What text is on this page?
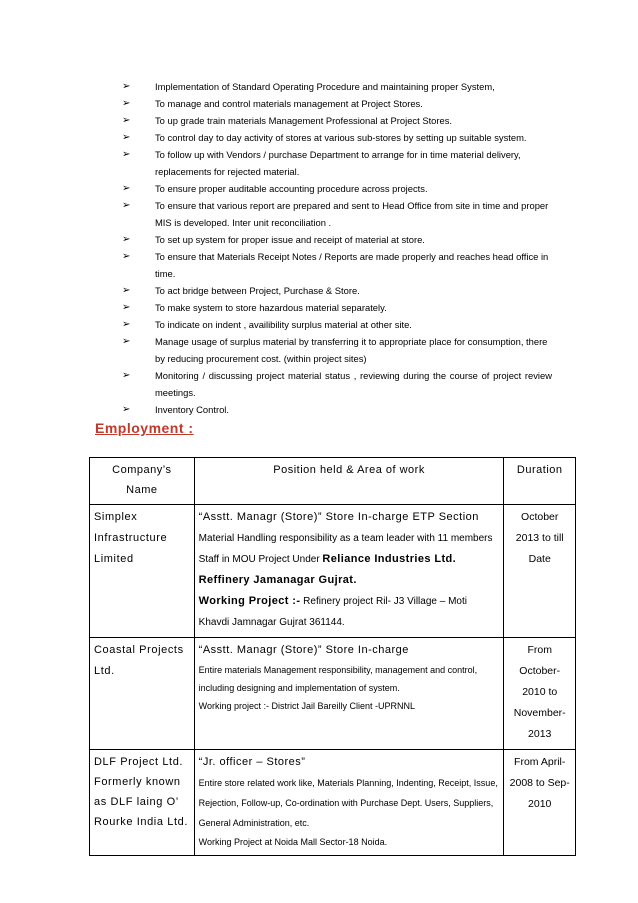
➢	Implementation of Standard Operating Procedure and maintaining proper System,
➢	To manage and control materials management at Project Stores.
➢	To up grade train materials Management Professional at Project Stores.
➢	To control day to day activity of stores at various sub-stores by setting up suitable system.
➢	To follow up with Vendors / purchase Department to arrange for in time material delivery, replacements for rejected material.
➢	To ensure proper auditable accounting procedure across projects.
➢	To ensure that various report are prepared and sent to Head Office from site in time and proper MIS is developed. Inter unit reconciliation .
➢	To set up system for proper issue and receipt of material at store.
➢	To ensure that Materials Receipt Notes / Reports are made properly and reaches head office in time.
➢	To act bridge between Project, Purchase & Store.
➢	To make system to store hazardous material separately.
➢	To indicate on indent , availibility surplus material at other site.
➢	Manage usage of surplus material by transferring it to appropriate place for consumption, there by reducing procurement cost. (within project sites)
➢	Monitoring / discussing project material status , reviewing during the course of project review meetings.
➢	Inventory Control.
Employment :
Company’s Name	Position held & Area of work	Duration
Simplex Infrastructure Limited	“Asstt. Managr (Store)” Store In-charge ETP Section
Material Handling responsibility as a team leader with 11 members Staff in MOU Project Under Reliance Industries Ltd. Reffinery Jamanagar Gujrat.
Working Project :- Refinery project Ril- J3 Village – Moti Khavdi Jamnagar Gujrat 361144.	October 2013 to till Date
Coastal Projects Ltd.	“Asstt. Managr (Store)” Store In-charge
Entire materials Management responsibility, management and control, including designing and implementation of system.
Working project :- District Jail Bareilly Client -UPRNNL	From October-2010 to November-2013
DLF Project Ltd. Formerly known as DLF laing O’ Rourke India Ltd.	“Jr. officer – Stores”
Entire store related work like, Materials Planning, Indenting, Receipt, Issue, Rejection, Follow-up, Co-ordination with Purchase Dept. Users, Suppliers, General Administration, etc.
Working Project at Noida Mall Sector-18 Noida.	From April-2008 to Sep-2010
